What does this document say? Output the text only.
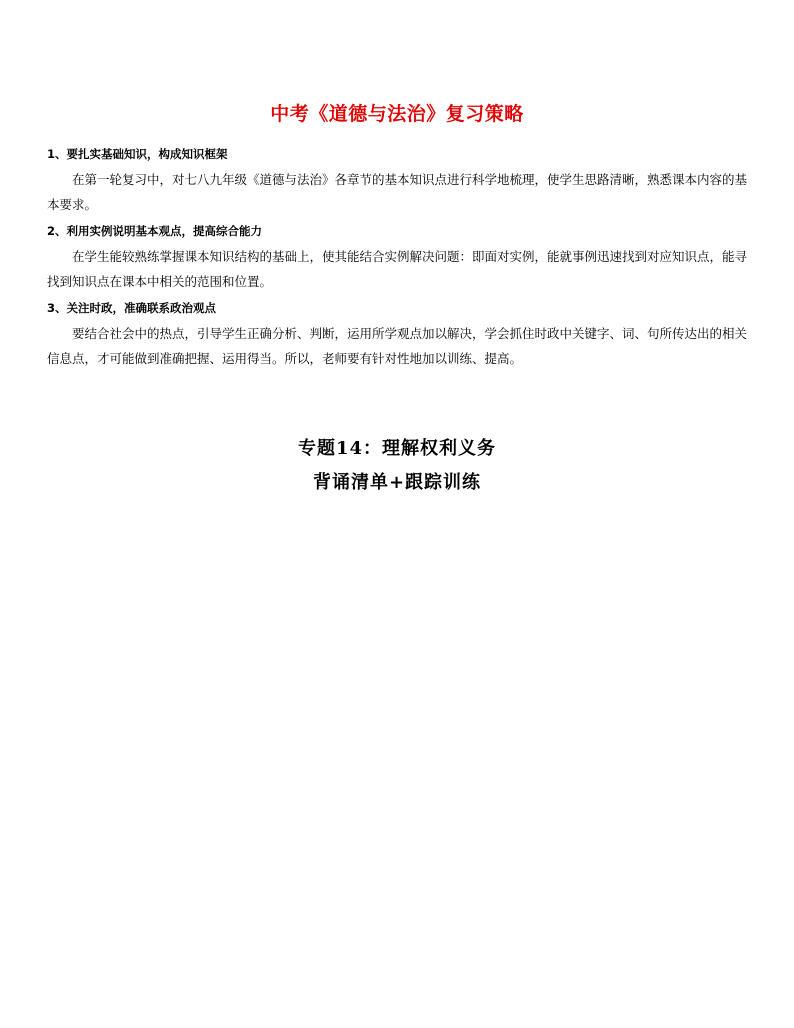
中考《道德与法治》复习策略
1、要扎实基础知识，构成知识框架
在第一轮复习中，对七八九年级《道德与法治》各章节的基本知识点进行科学地梳理，使学生思路清晰，熟悉课本内容的基本要求。
2、利用实例说明基本观点，提高综合能力
在学生能较熟练掌握课本知识结构的基础上，使其能结合实例解决问题：即面对实例，能就事例迅速找到对应知识点，能寻找到知识点在课本中相关的范围和位置。
3、关注时政，准确联系政治观点
要结合社会中的热点，引导学生正确分析、判断，运用所学观点加以解决，学会抓住时政中关键字、词、句所传达出的相关信息点，才可能做到准确把握、运用得当。所以，老师要有针对性地加以训练、提高。
专题14：理解权利义务
背诵清单+跟踪训练
